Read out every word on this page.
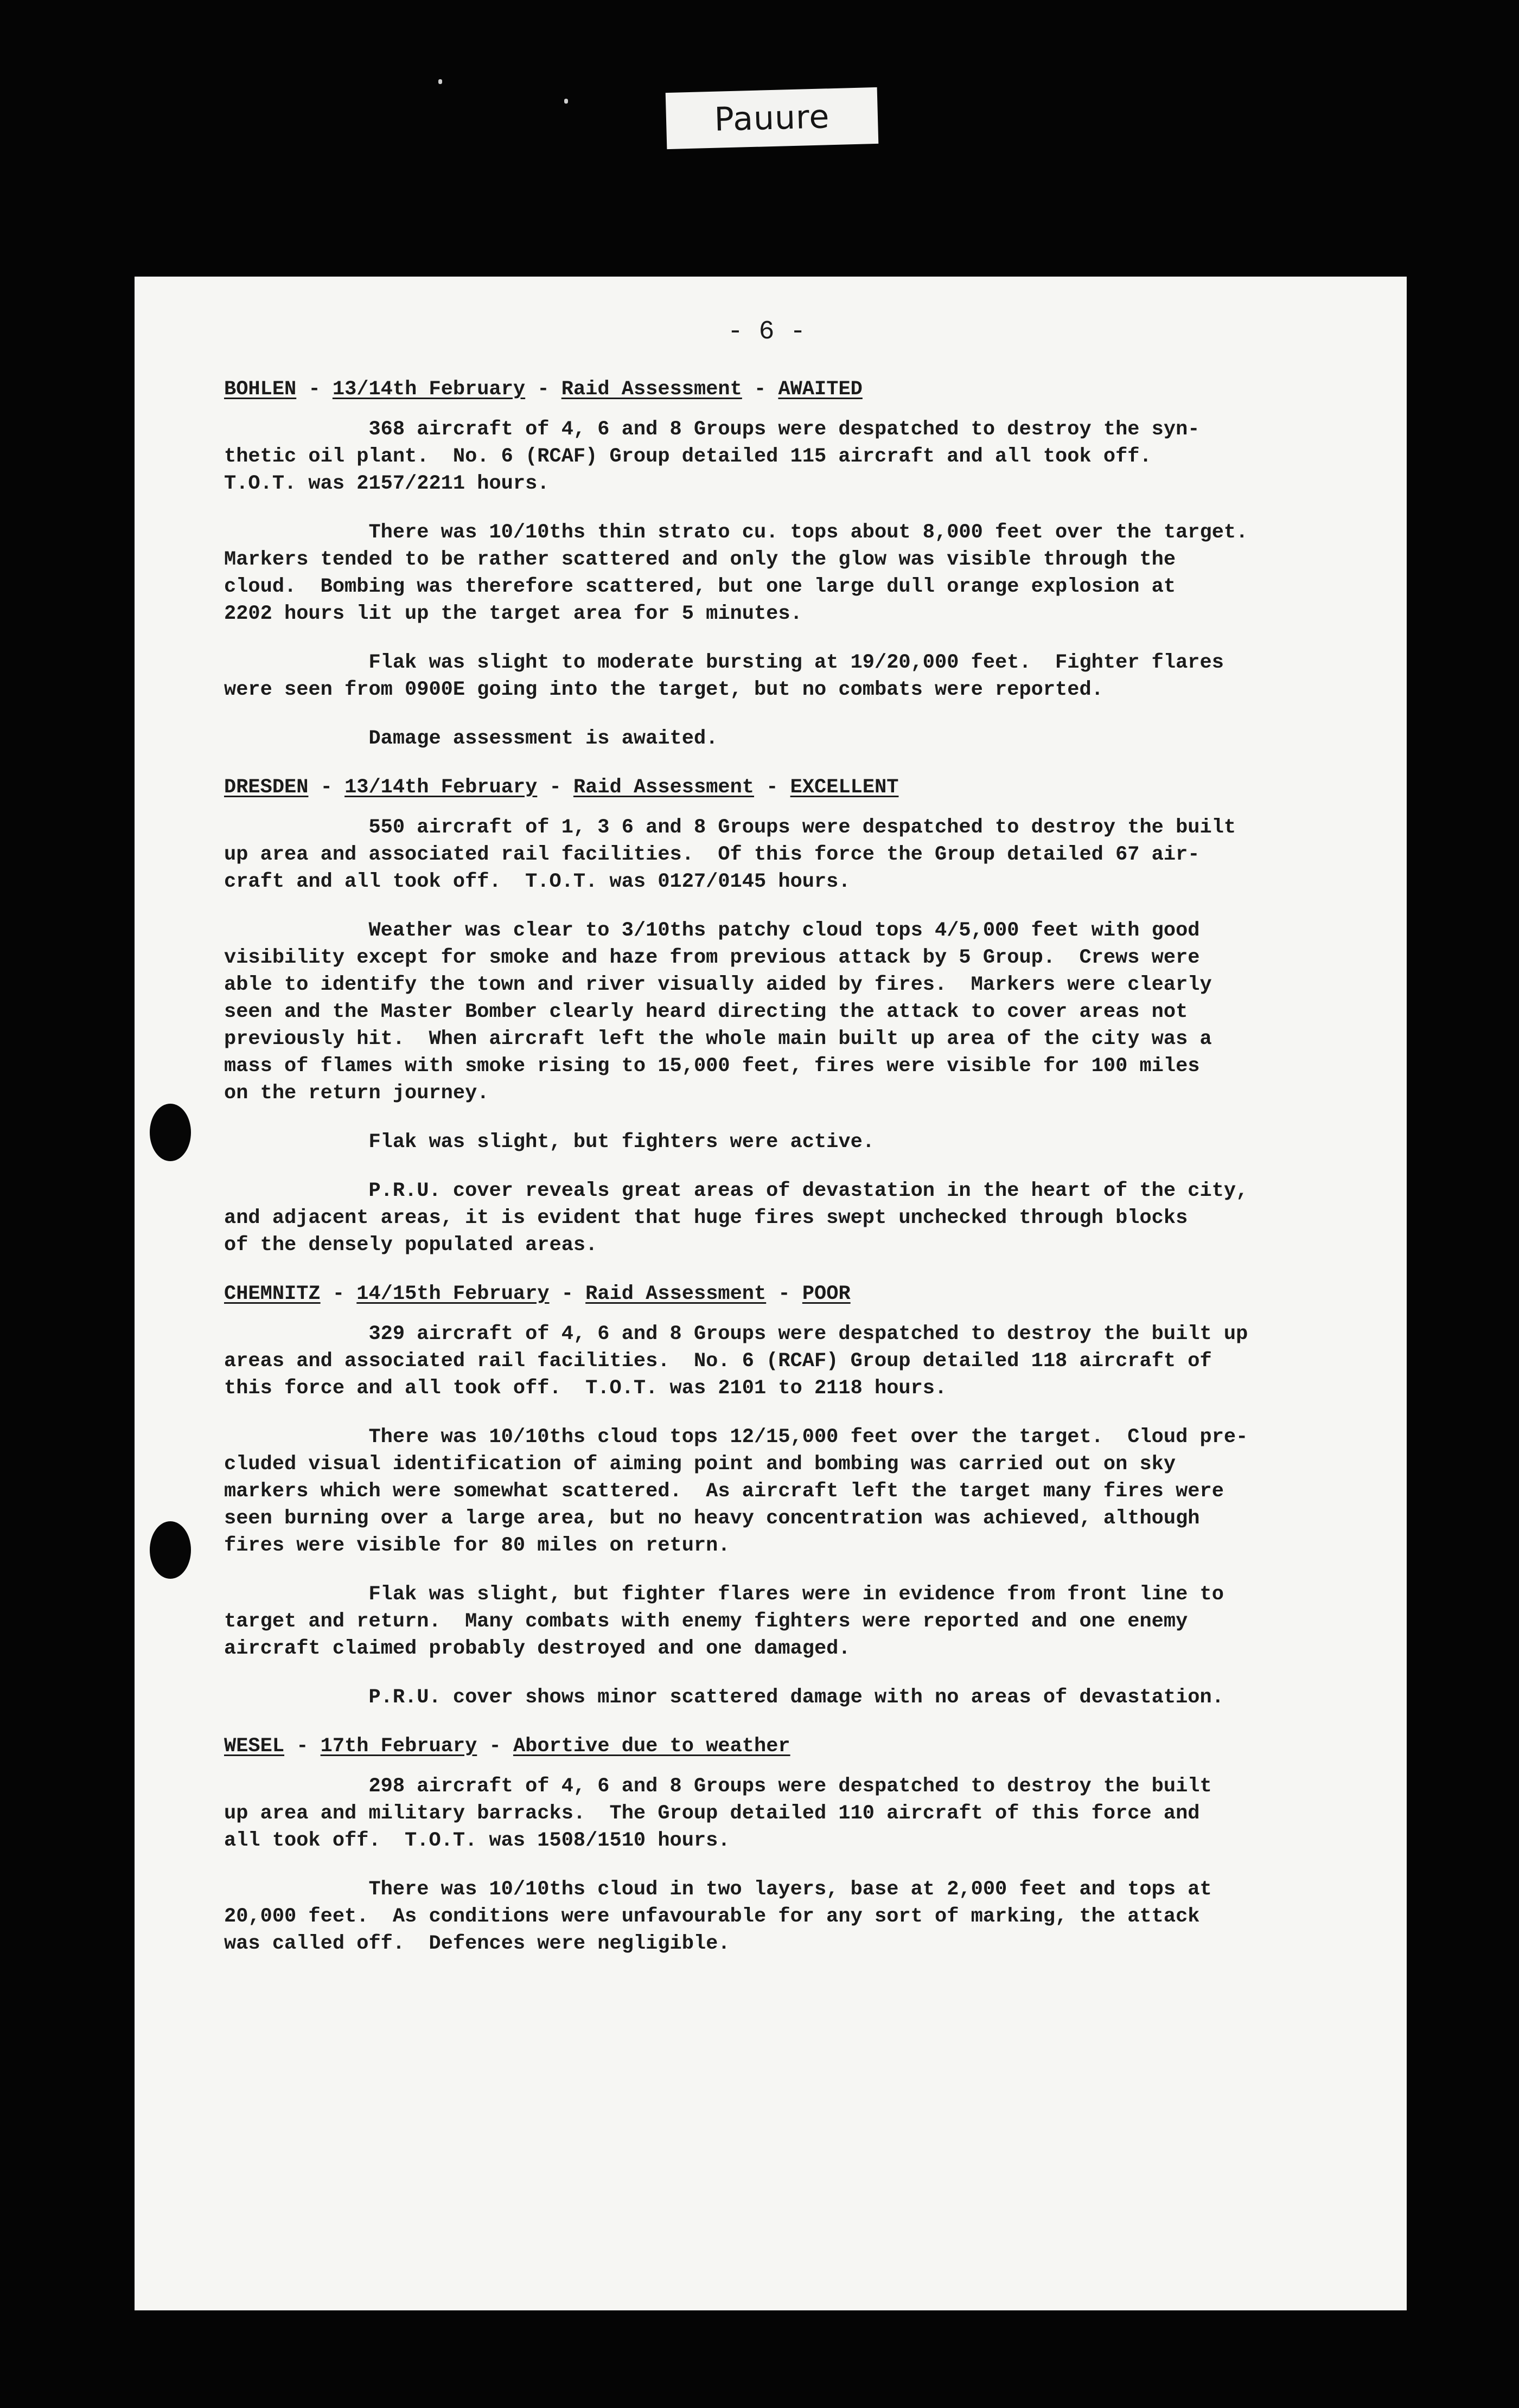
Pauure
- 6 -
BOHLEN - 13/14th February - Raid Assessment - AWAITED

368 aircraft of 4, 6 and 8 Groups were despatched to destroy the syn-
thetic oil plant.  No. 6 (RCAF) Group detailed 115 aircraft and all took off.
T.O.T. was 2157/2211 hours.

There was 10/10ths thin strato cu. tops about 8,000 feet over the target.
Markers tended to be rather scattered and only the glow was visible through the
cloud.  Bombing was therefore scattered, but one large dull orange explosion at
2202 hours lit up the target area for 5 minutes.

Flak was slight to moderate bursting at 19/20,000 feet.  Fighter flares
were seen from 0900E going into the target, but no combats were reported.

Damage assessment is awaited.

DRESDEN - 13/14th February - Raid Assessment - EXCELLENT

550 aircraft of 1, 3 6 and 8 Groups were despatched to destroy the built
up area and associated rail facilities.  Of this force the Group detailed 67 air-
craft and all took off.  T.O.T. was 0127/0145 hours.

Weather was clear to 3/10ths patchy cloud tops 4/5,000 feet with good
visibility except for smoke and haze from previous attack by 5 Group.  Crews were
able to identify the town and river visually aided by fires.  Markers were clearly
seen and the Master Bomber clearly heard directing the attack to cover areas not
previously hit.  When aircraft left the whole main built up area of the city was a
mass of flames with smoke rising to 15,000 feet, fires were visible for 100 miles
on the return journey.

Flak was slight, but fighters were active.

P.R.U. cover reveals great areas of devastation in the heart of the city,
and adjacent areas, it is evident that huge fires swept unchecked through blocks
of the densely populated areas.

CHEMNITZ - 14/15th February - Raid Assessment - POOR

329 aircraft of 4, 6 and 8 Groups were despatched to destroy the built up
areas and associated rail facilities.  No. 6 (RCAF) Group detailed 118 aircraft of
this force and all took off.  T.O.T. was 2101 to 2118 hours.

There was 10/10ths cloud tops 12/15,000 feet over the target.  Cloud pre-
cluded visual identification of aiming point and bombing was carried out on sky
markers which were somewhat scattered.  As aircraft left the target many fires were
seen burning over a large area, but no heavy concentration was achieved, although
fires were visible for 80 miles on return.

Flak was slight, but fighter flares were in evidence from front line to
target and return.  Many combats with enemy fighters were reported and one enemy
aircraft claimed probably destroyed and one damaged.

P.R.U. cover shows minor scattered damage with no areas of devastation.

WESEL - 17th February - Abortive due to weather

298 aircraft of 4, 6 and 8 Groups were despatched to destroy the built
up area and military barracks.  The Group detailed 110 aircraft of this force and
all took off.  T.O.T. was 1508/1510 hours.

There was 10/10ths cloud in two layers, base at 2,000 feet and tops at
20,000 feet.  As conditions were unfavourable for any sort of marking, the attack
was called off.  Defences were negligible.
